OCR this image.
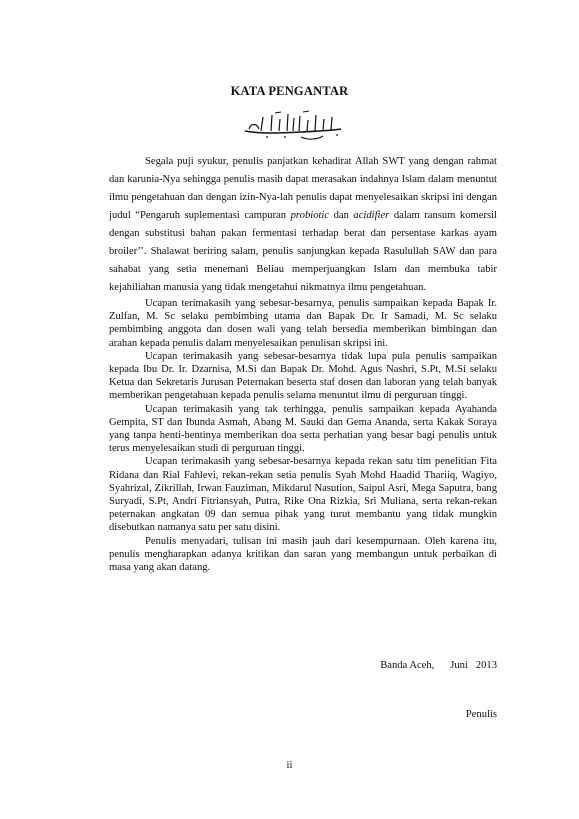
KATA PENGANTAR

Segala puji syukur, penulis panjatkan kehadirat Allah SWT yang dengan rahmat dan karunia-Nya sehingga penulis masih dapat merasakan indahnya Islam dalam menuntut ilmu pengetahuan dan dengan izin-Nya-lah penulis dapat menyelesaikan skripsi ini dengan judul “Pengaruh suplementasi campuran probiotic dan acidifier dalam ransum komersil dengan substitusi bahan pakan fermentasi terhadap berat dan persentase karkas ayam broiler’’. Shalawat beriring salam, penulis sanjungkan kepada Rasulullah SAW dan para sahabat yang setia menemani Beliau memperjuangkan Islam dan membuka tabir kejahiliahan manusia yang tidak mengetahui nikmatnya ilmu pengetahuan.

Ucapan terimakasih yang sebesar-besarnya, penulis sampaikan kepada Bapak Ir. Zulfan, M. Sc selaku pembimbing utama dan Bapak Dr. Ir Samadi, M. Sc selaku pembimbing anggota dan dosen wali yang telah bersedia memberikan bimbingan dan arahan kepada penulis dalam menyelesaikan penulisan skripsi ini.

Ucapan terimakasih yang sebesar-besarnya tidak lupa pula penulis sampaikan kepada Ibu Dr. Ir. Dzarnisa, M.Si dan Bapak Dr. Mohd. Agus Nashri, S.Pt, M.Si selaku Ketua dan Sekretaris Jurusan Peternakan beserta staf dosen dan laboran yang telah banyak memberikan pengetahuan kepada penulis selama menuntut ilmu di perguruan tinggi.

Ucapan terimakasih yang tak terhingga, penulis sampaikan kepada Ayahanda Gempita, ST dan Ibunda Asmah, Abang M. Sauki dan Gema Ananda, serta Kakak Soraya yang tanpa henti-hentinya memberikan doa serta perhatian yang besar bagi penulis untuk terus menyelesaikan studi di perguruan tinggi.

Ucapan terimakasih yang sebesar-besarnya kepada rekan satu tim penelitian Fita Ridana dan Rial Fahlevi, rekan-rekan setia penulis Syah Mohd Haadid Thariiq, Wagiyo, Syahrizal, Zikrillah, Irwan Fauziman, Mikdarul Nasution, Saipul Asri, Mega Saputra, bang Suryadi, S.Pt, Andri Fitriansyah, Putra, Rike Ona Rizkia, Sri Muliana, serta rekan-rekan peternakan angkatan 09 dan semua pihak yang turut membantu yang tidak mungkin disebutkan namanya satu per satu disini.

Penulis menyadari, tulisan ini masih jauh dari kesempurnaan. Oleh karena itu, penulis mengharapkan adanya kritikan dan saran yang membangun untuk perbaikan di masa yang akan datang.

Banda Aceh,      Juni   2013
Penulis
ii
